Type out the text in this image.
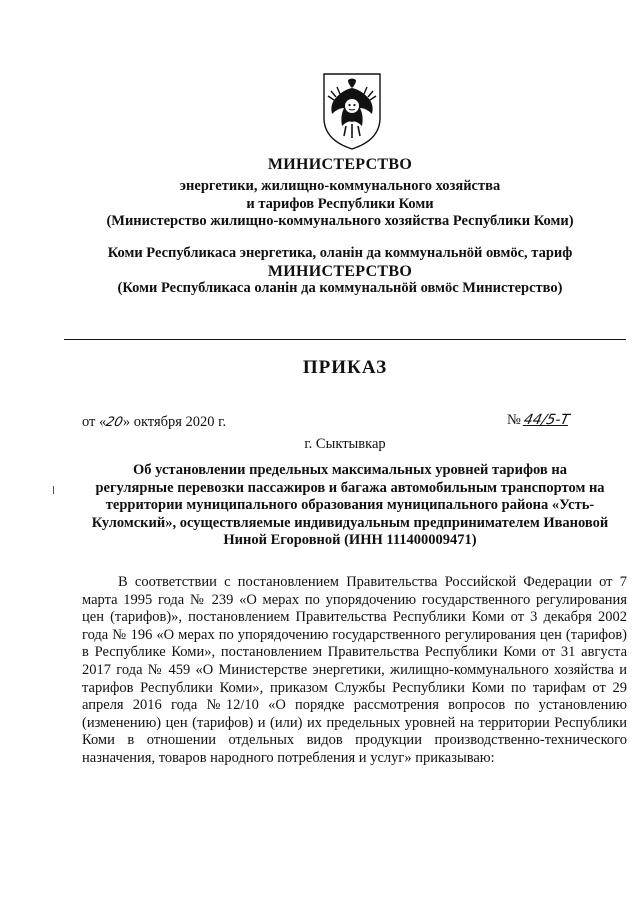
МИНИСТЕРСТВО
энергетики, жилищно-коммунального хозяйства
и тарифов Республики Коми
(Министерство жилищно-коммунального хозяйства Республики Коми)
Коми Республикаса энергетика, оланiн да коммунальнöй овмöс, тариф
МИНИСТЕРСТВО
(Коми Республикаса оланiн да коммунальнöй овмöс Министерство)
ПРИКАЗ
от «20» октября 2020 г.	№ 44/5-Т
г. Сыктывкар
Об установлении предельных максимальных уровней тарифов на
регулярные перевозки пассажиров и багажа автомобильным транспортом на
территории муниципального образования муниципального района «Усть-
Куломский», осуществляемые индивидуальным предпринимателем Ивановой
Ниной Егоровной (ИНН 111400009471)
В соответствии с постановлением Правительства Российской Федерации от 7 марта 1995 года № 239 «О мерах по упорядочению государственного регулирования цен (тарифов)», постановлением Правительства Республики Коми от 3 декабря 2002 года № 196 «О мерах по упорядочению государственного регулирования цен (тарифов) в Республике Коми», постановлением Правительства Республики Коми от 31 августа 2017 года № 459 «О Министерстве энергетики, жилищно-коммунального хозяйства и тарифов Республики Коми», приказом Службы Республики Коми по тарифам от 29 апреля 2016 года №12/10 «О порядке рассмотрения вопросов по установлению (изменению) цен (тарифов) и (или) их предельных уровней на территории Республики Коми в отношении отдельных видов продукции производственно-технического назначения, товаров народного потребления и услуг» приказываю:
